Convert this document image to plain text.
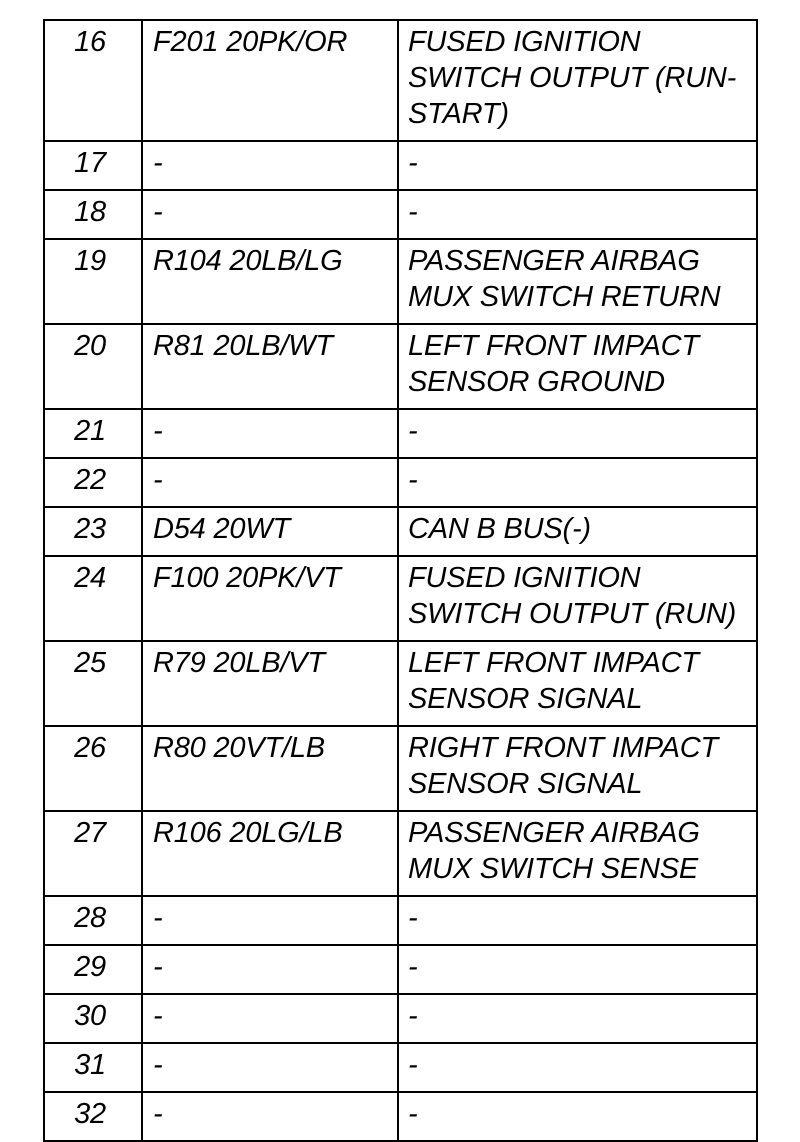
16	F201 20PK/OR	FUSED IGNITION SWITCH OUTPUT (RUN-START)
17	-	-
18	-	-
19	R104 20LB/LG	PASSENGER AIRBAG MUX SWITCH RETURN
20	R81 20LB/WT	LEFT FRONT IMPACT SENSOR GROUND
21	-	-
22	-	-
23	D54 20WT	CAN B BUS(-)
24	F100 20PK/VT	FUSED IGNITION SWITCH OUTPUT (RUN)
25	R79 20LB/VT	LEFT FRONT IMPACT SENSOR SIGNAL
26	R80 20VT/LB	RIGHT FRONT IMPACT SENSOR SIGNAL
27	R106 20LG/LB	PASSENGER AIRBAG MUX SWITCH SENSE
28	-	-
29	-	-
30	-	-
31	-	-
32	-	-
